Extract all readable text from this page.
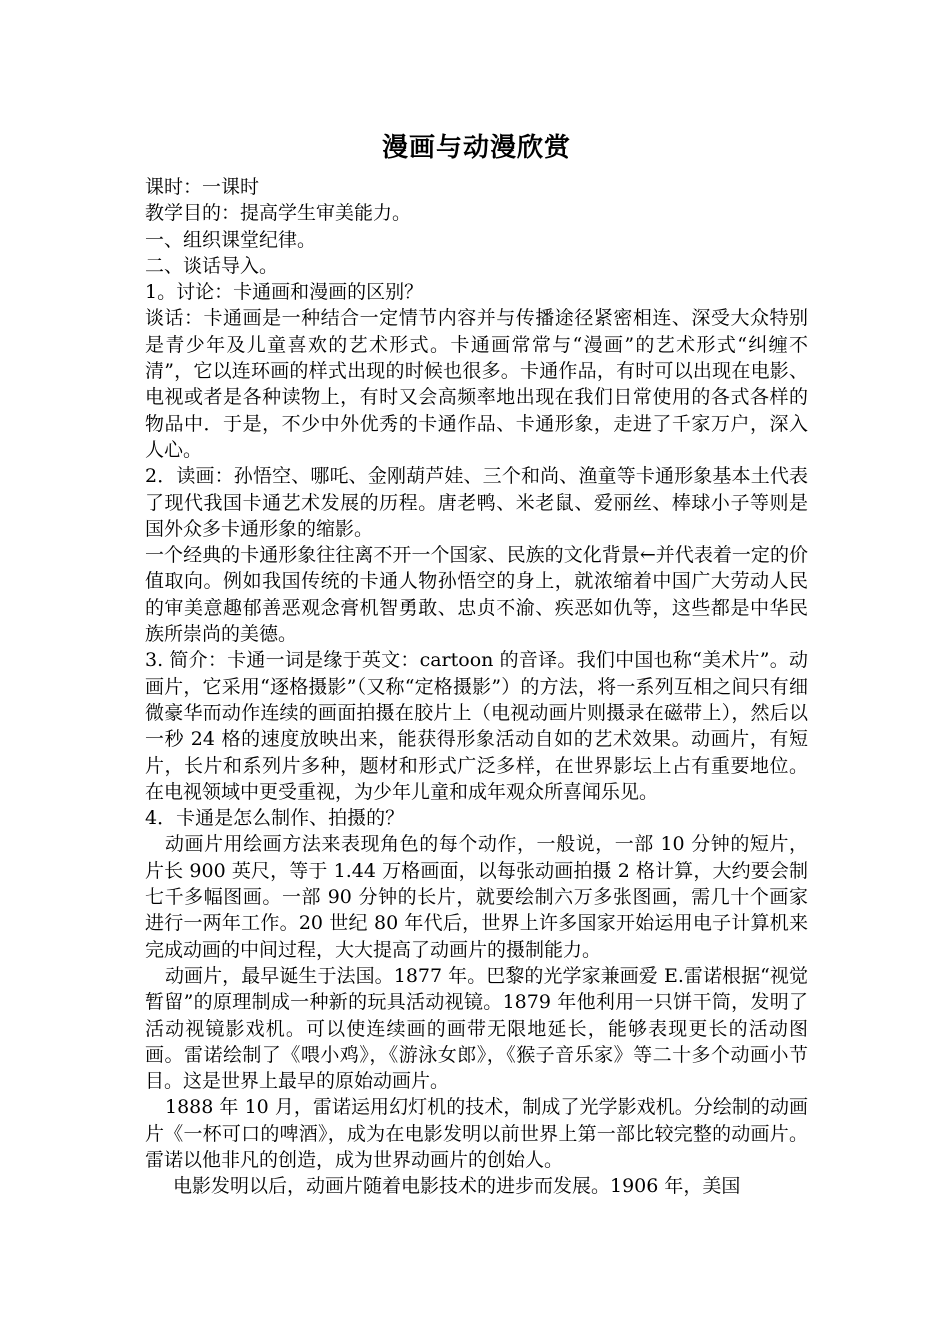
漫画与动漫欣赏

课时：一课时

教学目的：提高学生审美能力。

一、组织课堂纪律。

二、谈话导入。

1。讨论：卡通画和漫画的区别？

谈话：卡通画是一种结合一定情节内容并与传播途径紧密相连、深受大众特别是青少年及儿童喜欢的艺术形式。卡通画常常与“漫画”的艺术形式“纠缠不清”，它以连环画的样式出现的时候也很多。卡通作品，有时可以出现在电影、电视或者是各种读物上，有时又会高频率地出现在我们日常使用的各式各样的物品中．于是，不少中外优秀的卡通作品、卡通形象，走进了千家万户，深入人心。

2．读画：孙悟空、哪吒、金刚葫芦娃、三个和尚、渔童等卡通形象基本土代表了现代我国卡通艺术发展的历程。唐老鸭、米老鼠、爱丽丝、棒球小子等则是国外众多卡通形象的缩影。

一个经典的卡通形象往往离不开一个国家、民族的文化背景←并代表着一定的价值取向。例如我国传统的卡通人物孙悟空的身上，就浓缩着中国广大劳动人民的审美意趣郁善恶观念膏机智勇敢、忠贞不渝、疾恶如仇等，这些都是中华民族所崇尚的美德。

3. 简介：卡通一词是缘于英文：cartoon 的音译。我们中国也称“美术片”。动画片，它采用“逐格摄影”（又称“定格摄影”）的方法，将一系列互相之间只有细微豪华而动作连续的画面拍摄在胶片上（电视动画片则摄录在磁带上），然后以一秒 24 格的速度放映出来，能获得形象活动自如的艺术效果。动画片，有短片，长片和系列片多种，题材和形式广泛多样，在世界影坛上占有重要地位。在电视领域中更受重视，为少年儿童和成年观众所喜闻乐见。

4．卡通是怎么制作、拍摄的？

动画片用绘画方法来表现角色的每个动作，一般说，一部 10 分钟的短片，片长 900 英尺，等于 1.44 万格画面，以每张动画拍摄 2 格计算，大约要会制七千多幅图画。一部 90 分钟的长片，就要绘制六万多张图画，需几十个画家进行一两年工作。20 世纪 80 年代后，世界上许多国家开始运用电子计算机来完成动画的中间过程，大大提高了动画片的摄制能力。

动画片，最早诞生于法国。1877 年。巴黎的光学家兼画爱 E.雷诺根据“视觉暂留”的原理制成一种新的玩具活动视镜。1879 年他利用一只饼干筒，发明了活动视镜影戏机。可以使连续画的画带无限地延长，能够表现更长的活动图画。雷诺绘制了《喂小鸡》，《游泳女郎》，《猴子音乐家》等二十多个动画小节目。这是世界上最早的原始动画片。

1888 年 10 月，雷诺运用幻灯机的技术，制成了光学影戏机。分绘制的动画片《一杯可口的啤酒》，成为在电影发明以前世界上第一部比较完整的动画片。雷诺以他非凡的创造，成为世界动画片的创始人。

电影发明以后，动画片随着电影技术的进步而发展。1906 年，美国
